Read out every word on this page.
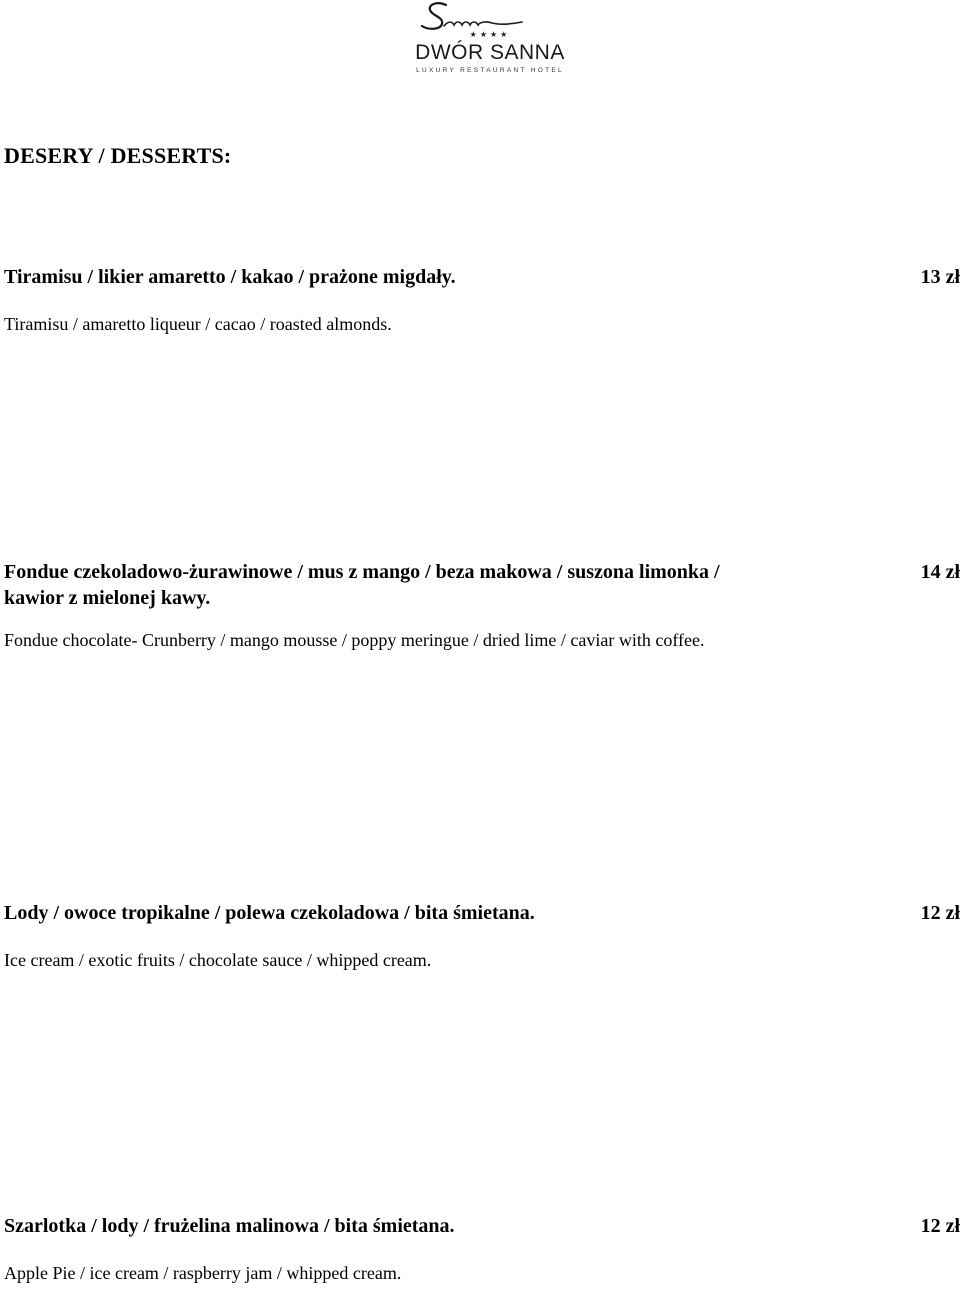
★★★★
DWÓR SANNA
LUXURY RESTAURANT HOTEL
DESERY / DESSERTS:

Tiramisu / likier amaretto / kakao / prażone migdały.

Tiramisu / amaretto liqueur / cacao / roasted almonds.

13 zł

Fondue czekoladowo-żurawinowe / mus z mango / beza makowa / suszona limonka / kawior z mielonej kawy.

Fondue chocolate- Crunberry / mango mousse / poppy meringue / dried lime / caviar with coffee.

14 zł

Lody / owoce tropikalne / polewa czekoladowa / bita śmietana.

Ice cream / exotic fruits / chocolate sauce / whipped cream.

12 zł

Szarlotka / lody / frużelina malinowa / bita śmietana.

Apple Pie / ice cream / raspberry jam / whipped cream.

12 zł
